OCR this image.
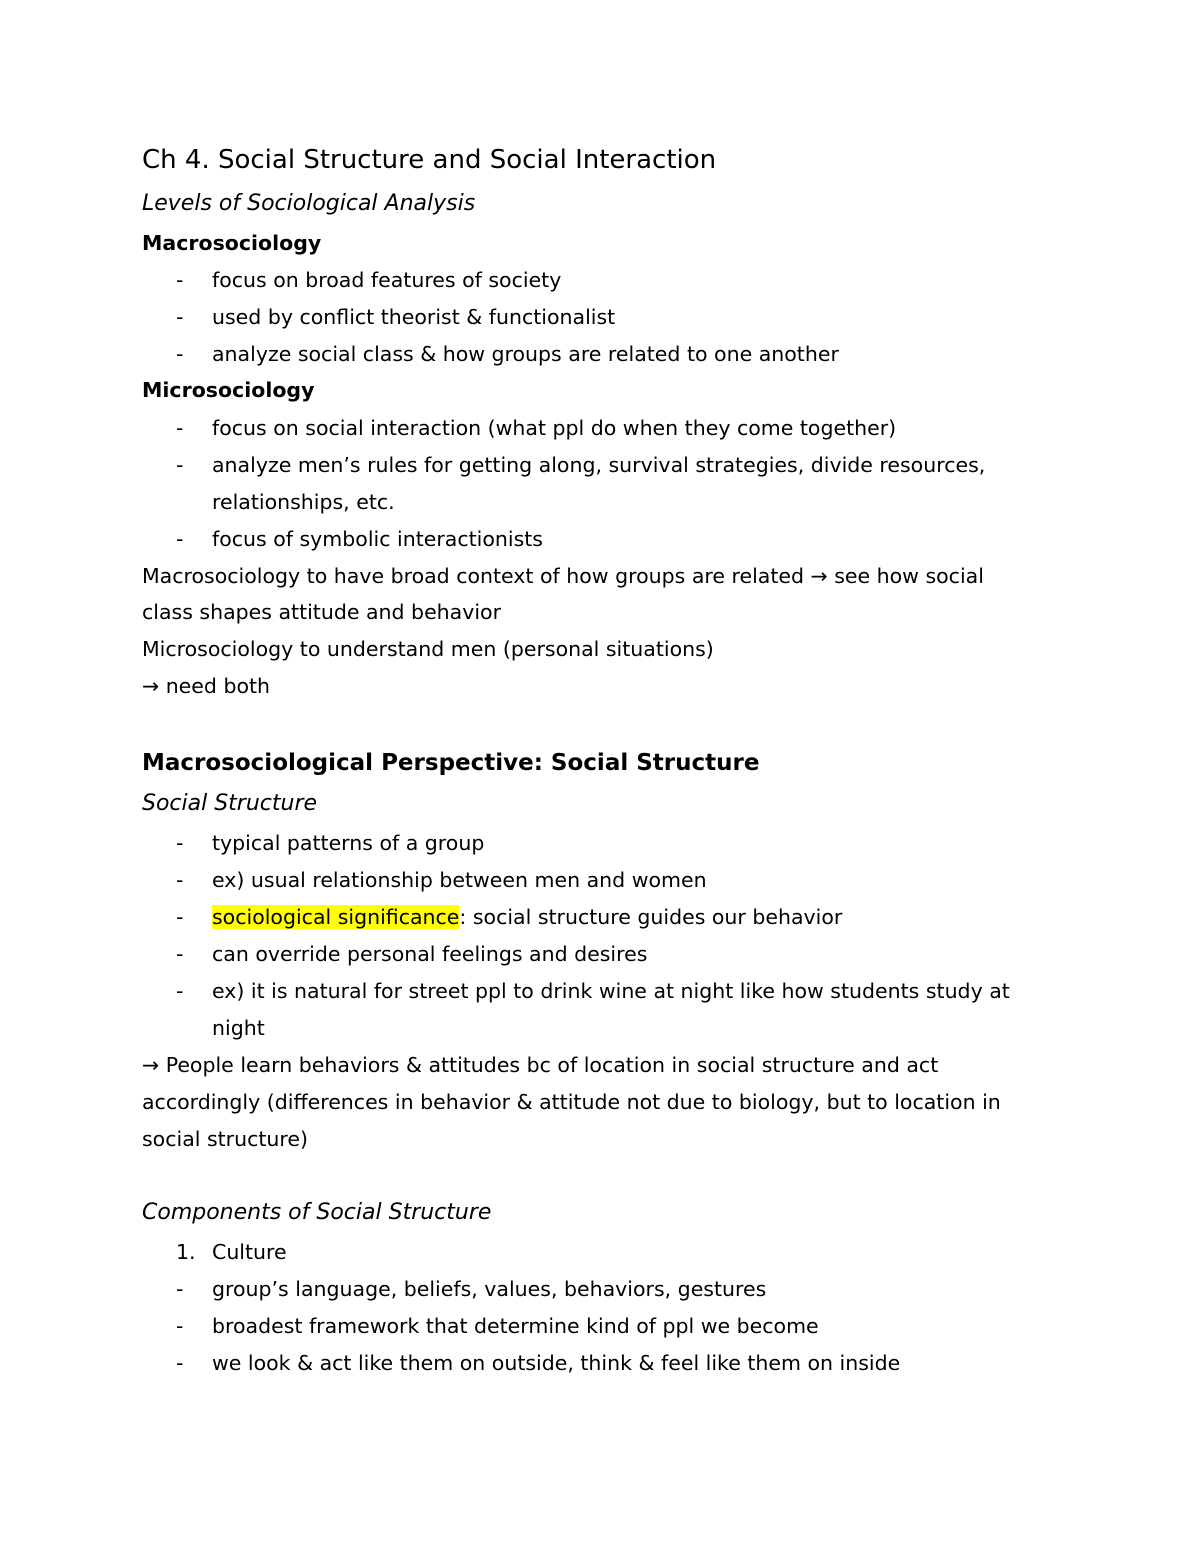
Ch 4. Social Structure and Social Interaction
Levels of Sociological Analysis
Macrosociology
- focus on broad features of society
- used by conflict theorist & functionalist
- analyze social class & how groups are related to one another
Microsociology
- focus on social interaction (what ppl do when they come together)
- analyze men’s rules for getting along, survival strategies, divide resources,
relationships, etc.
- focus of symbolic interactionists
Macrosociology to have broad context of how groups are related → see how social
class shapes attitude and behavior
Microsociology to understand men (personal situations)
→ need both
Macrosociological Perspective: Social Structure
Social Structure
- typical patterns of a group
- ex) usual relationship between men and women
- sociological significance: social structure guides our behavior
- can override personal feelings and desires
- ex) it is natural for street ppl to drink wine at night like how students study at
night
→ People learn behaviors & attitudes bc of location in social structure and act
accordingly (differences in behavior & attitude not due to biology, but to location in
social structure)
Components of Social Structure
1. Culture
- group’s language, beliefs, values, behaviors, gestures
- broadest framework that determine kind of ppl we become
- we look & act like them on outside, think & feel like them on inside
